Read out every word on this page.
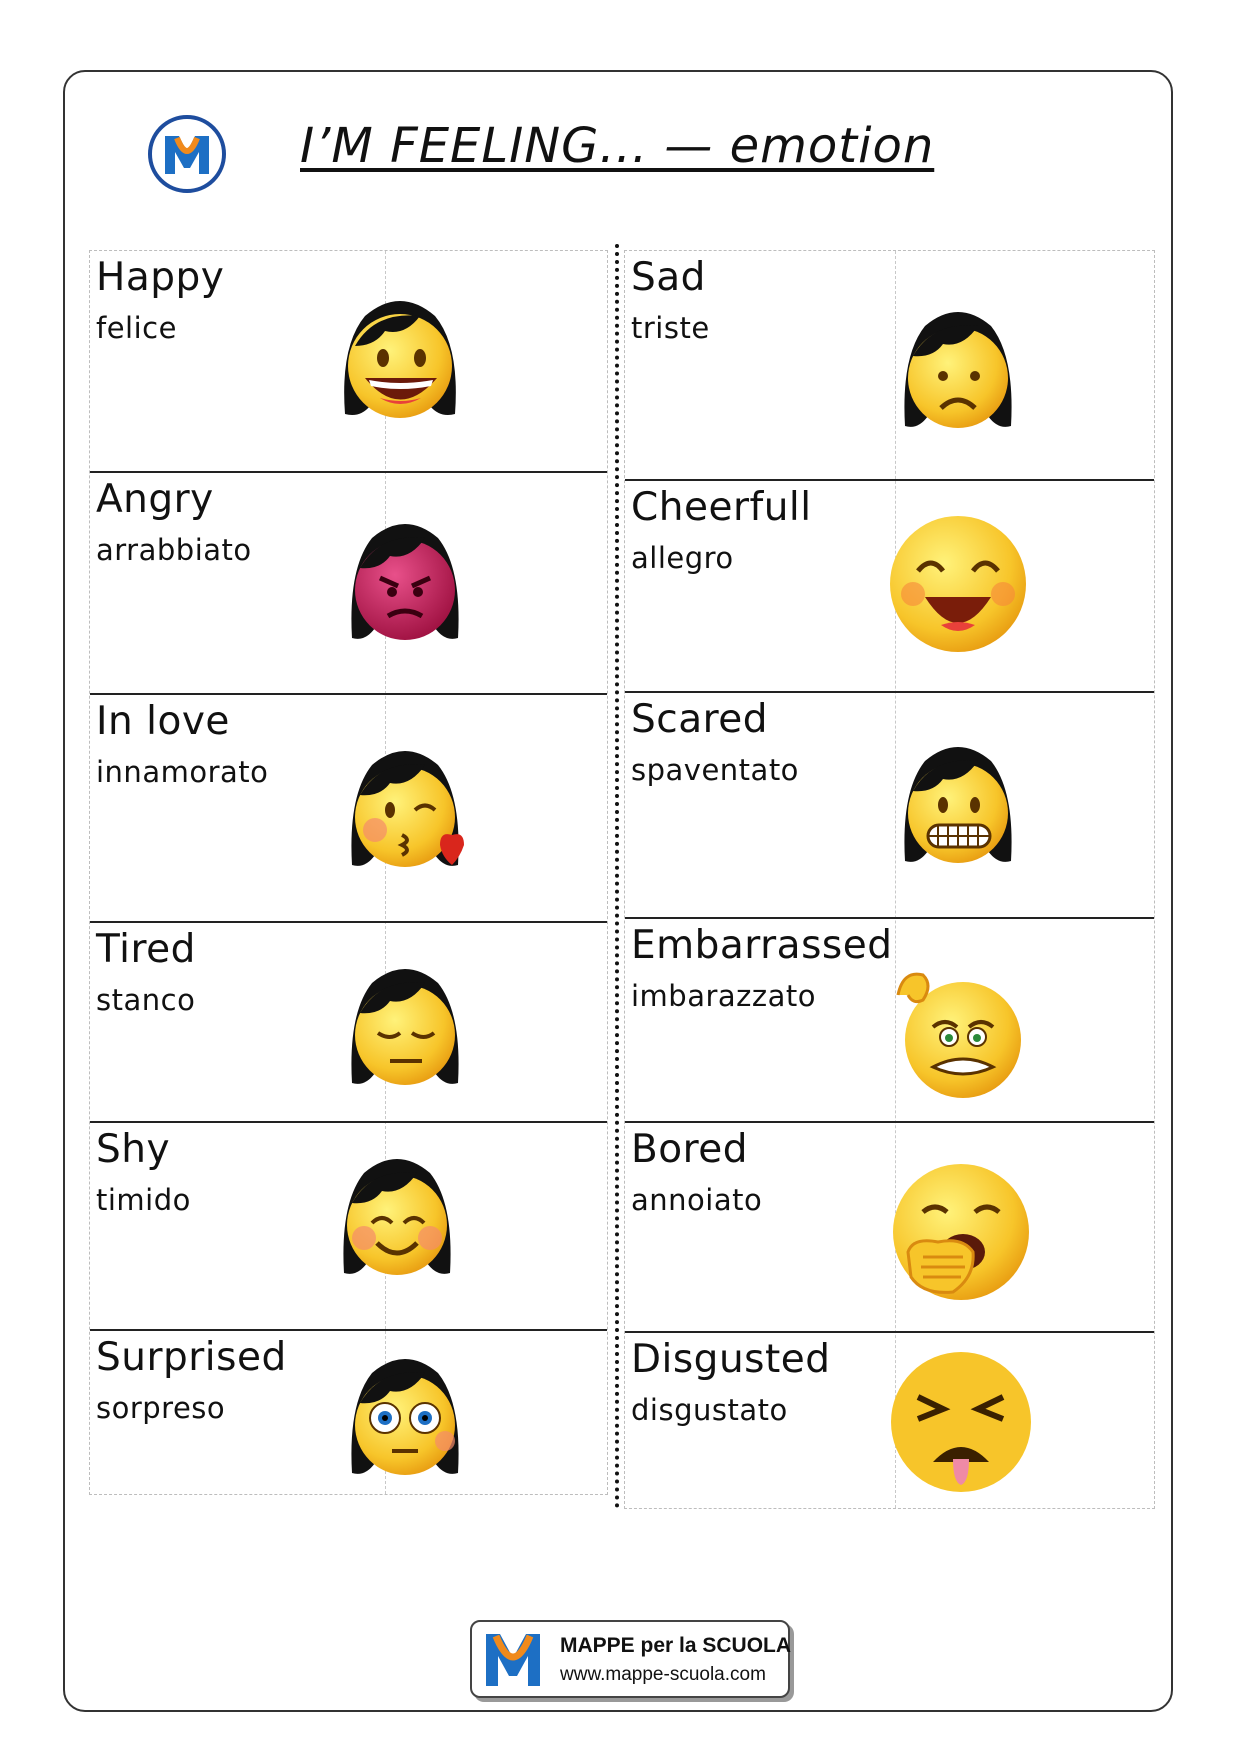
I’M FEELING... — emotion
Happy
felice
Angry
arrabbiato
In love
innamorato
Tired
stanco
Shy
timido
Surprised
sorpreso
Sad
triste
Cheerfull
allegro
Scared
spaventato
Embarrassed
imbarazzato
Bored
annoiato
Disgusted
disgustato
MAPPE per la SCUOLA
www.mappe-scuola.com
